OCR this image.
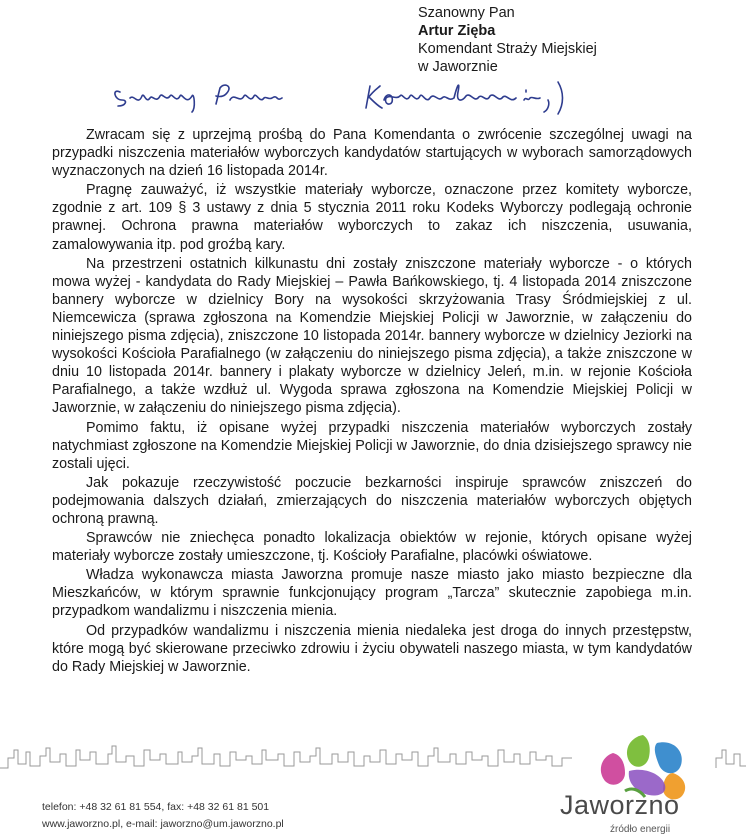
Szanowny Pan
Artur Zięba
Komendant Straży Miejskiej
w Jaworznie

Zwracam się z uprzejmą prośbą do Pana Komendanta o zwrócenie szczególnej uwagi na przypadki niszczenia materiałów wyborczych kandydatów startujących w wyborach samorządowych wyznaczonych na dzień 16 listopada 2014r.

Pragnę zauważyć, iż wszystkie materiały wyborcze, oznaczone przez komitety wyborcze, zgodnie z art. 109 § 3 ustawy z dnia 5 stycznia 2011 roku Kodeks Wyborczy podlegają ochronie prawnej. Ochrona prawna materiałów wyborczych to zakaz ich niszczenia, usuwania, zamalowywania itp. pod groźbą kary.

Na przestrzeni ostatnich kilkunastu dni zostały zniszczone materiały wyborcze - o których mowa wyżej - kandydata do Rady Miejskiej – Pawła Bańkowskiego, tj. 4 listopada 2014 zniszczone bannery wyborcze w dzielnicy Bory na wysokości skrzyżowania Trasy Śródmiejskiej z ul. Niemcewicza (sprawa zgłoszona na Komendzie Miejskiej Policji w Jaworznie, w załączeniu do niniejszego pisma zdjęcia), zniszczone 10 listopada 2014r. bannery wyborcze w dzielnicy Jeziorki na wysokości Kościoła Parafialnego (w załączeniu do niniejszego pisma zdjęcia), a także zniszczone w dniu 10 listopada 2014r. bannery i plakaty wyborcze w dzielnicy Jeleń, m.in. w rejonie Kościoła Parafialnego, a także wzdłuż ul. Wygoda sprawa zgłoszona na Komendzie Miejskiej Policji w Jaworznie, w załączeniu do niniejszego pisma zdjęcia).

Pomimo faktu, iż opisane wyżej przypadki niszczenia materiałów wyborczych zostały natychmiast zgłoszone na Komendzie Miejskiej Policji w Jaworznie, do dnia dzisiejszego sprawcy nie zostali ujęci.

Jak pokazuje rzeczywistość poczucie bezkarności inspiruje sprawców zniszczeń do podejmowania dalszych działań, zmierzających do niszczenia materiałów wyborczych objętych ochroną prawną.

Sprawców nie zniechęca ponadto lokalizacja obiektów w rejonie, których opisane wyżej materiały wyborcze zostały umieszczone, tj. Kościoły Parafialne, placówki oświatowe.

Władza wykonawcza miasta Jaworzna promuje nasze miasto jako miasto bezpieczne dla Mieszkańców, w którym sprawnie funkcjonujący program „Tarcza” skutecznie zapobiega m.in. przypadkom wandalizmu i niszczenia mienia.

Od przypadków wandalizmu i niszczenia mienia niedaleka jest droga do innych przestępstw, które mogą być skierowane przeciwko zdrowiu i życiu obywateli naszego miasta, w tym kandydatów do Rady Miejskiej w Jaworznie.

telefon: +48 32 61 81 554, fax: +48 32 61 81 501
www.jaworzno.pl, e-mail: jaworzno@um.jaworzno.pl
Jaworzno
źródło energii
